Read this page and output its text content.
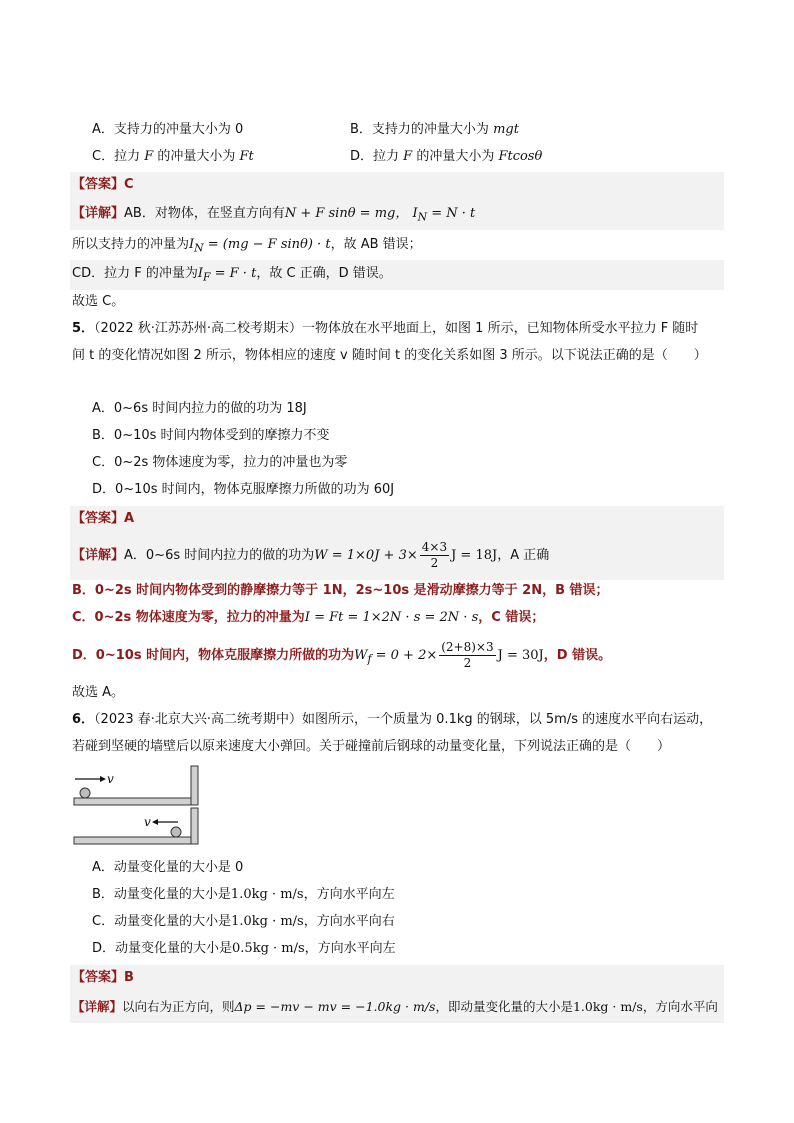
A．支持力的冲量大小为 0	B．支持力的冲量大小为 mgt
C．拉力 F 的冲量大小为 Ft	D．拉力 F 的冲量大小为 Ftcosθ
【答案】C
【详解】AB．对物体，在竖直方向有N + F sinθ = mg， $I_N = N \cdot t$
所以支持力的冲量为$I_N = (mg - F$ sinθ) · t，故 AB 错误；
CD．拉力 F 的冲量为$I_F = F \cdot t$，故 C 正确，D 错误。
故选 C。
5．（2022 秋·江苏苏州·高二校考期末）一物体放在水平地面上，如图 1 所示，已知物体所受水平拉力 F 随时
间 t 的变化情况如图 2 所示，物体相应的速度 v 随时间 t 的变化关系如图 3 所示。以下说法正确的是（　　）
A．0~6s 时间内拉力的做的功为 18J
B．0~10s 时间内物体受到的摩擦力不变
C．0~2s 物体速度为零，拉力的冲量也为零
D．0~10s 时间内，物体克服摩擦力所做的功为 60J
【答案】A
【详解】A．0~6s 时间内拉力的做的功为$W = 1\times 0J + 3\times \frac{4\times 3}{2}$ J = 18J，A 正确
B．0~2s 时间内物体受到的静摩擦力等于 1N，2s~10s 是滑动摩擦力等于 2N，B 错误；
C．0~2s 物体速度为零，拉力的冲量为I = Ft = 1×2N · s = 2N · s，C 错误；
D．0~10s 时间内，物体克服摩擦力所做的功为$W_f = 0 + 2\times \frac{(2+8)\times 3}{2}$ J = 30J，D 错误。
故选 A。
6．（2023 春·北京大兴·高二统考期中）如图所示，一个质量为 0.1kg 的钢球，以 5m/s 的速度水平向右运动，
若碰到坚硬的墙壁后以原来速度大小弹回。关于碰撞前后钢球的动量变化量，下列说法正确的是（　　）
v
v
A．动量变化量的大小是 0
B．动量变化量的大小是1.0kg · m/s，方向水平向左
C．动量变化量的大小是1.0kg · m/s，方向水平向右
D．动量变化量的大小是0.5kg · m/s，方向水平向左
【答案】B
【详解】以向右为正方向，则Δp = −mv − mv = −1.0kg · m/s，即动量变化量的大小是1.0kg · m/s，方向水平向
